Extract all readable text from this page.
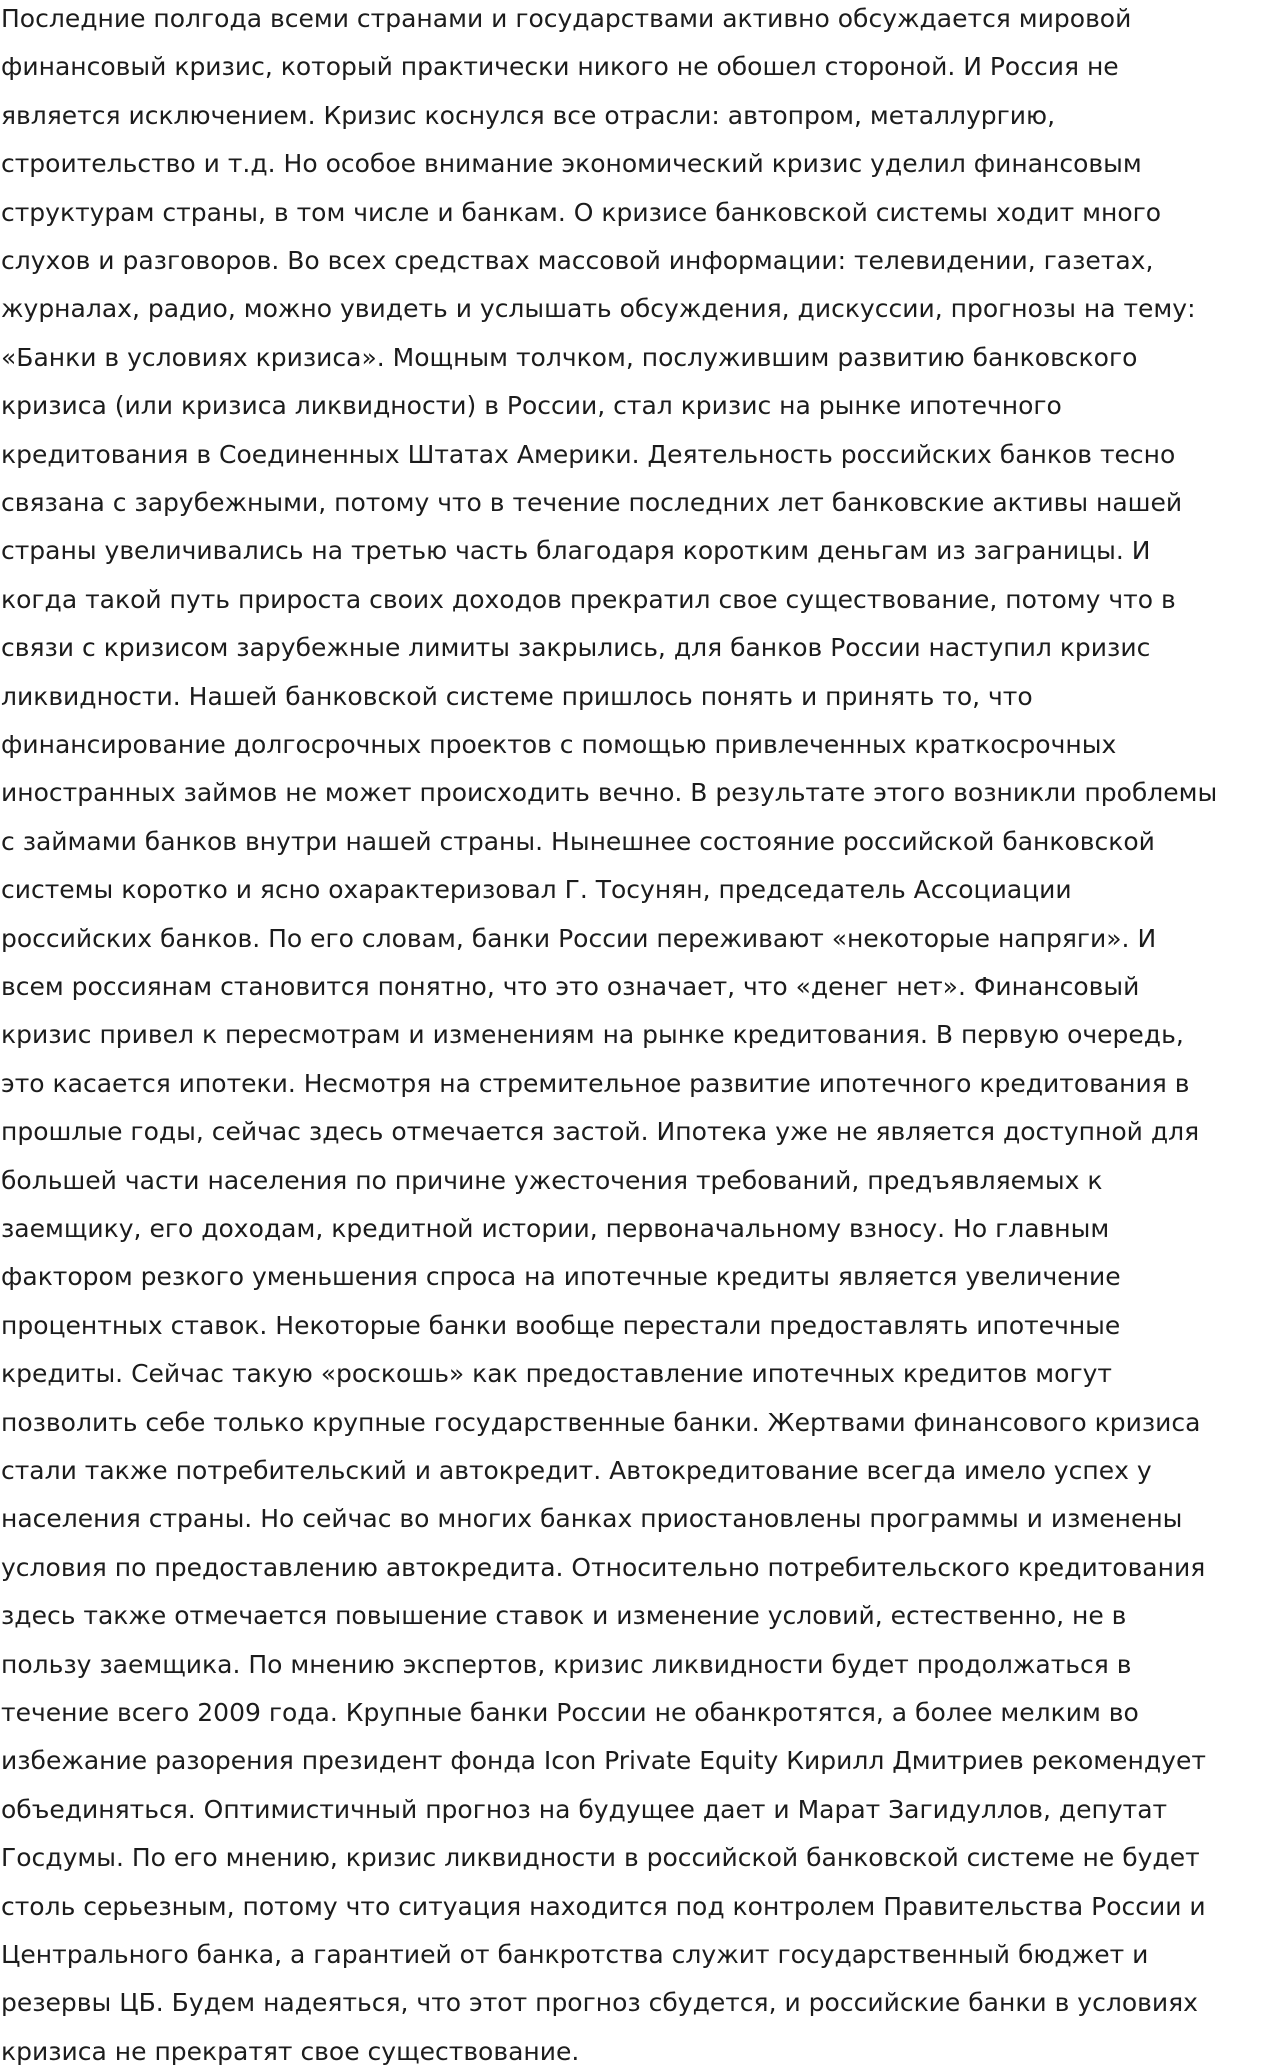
Последние полгода всеми странами и государствами активно обсуждается мировой

финансовый кризис, который практически никого не обошел стороной. И Россия не

является исключением. Кризис коснулся все отрасли: автопром, металлургию,

строительство и т.д. Но особое внимание экономический кризис уделил финансовым

структурам страны, в том числе и банкам. О кризисе банковской системы ходит много

слухов и разговоров. Во всех средствах массовой информации: телевидении, газетах,

журналах, радио, можно увидеть и услышать обсуждения, дискуссии, прогнозы на тему:

«Банки в условиях кризиса». Мощным толчком, послужившим развитию банковского

кризиса (или кризиса ликвидности) в России, стал кризис на рынке ипотечного

кредитования в Соединенных Штатах Америки. Деятельность российских банков тесно

связана с зарубежными, потому что в течение последних лет банковские активы нашей

страны увеличивались на третью часть благодаря коротким деньгам из заграницы. И

когда такой путь прироста своих доходов прекратил свое существование, потому что в

связи с кризисом зарубежные лимиты закрылись, для банков России наступил кризис

ликвидности. Нашей банковской системе пришлось понять и принять то, что

финансирование долгосрочных проектов с помощью привлеченных краткосрочных

иностранных займов не может происходить вечно. В результате этого возникли проблемы

с займами банков внутри нашей страны. Нынешнее состояние российской банковской

системы коротко и ясно охарактеризовал Г. Тосунян, председатель Ассоциации

российских банков. По его словам, банки России переживают «некоторые напряги». И

всем россиянам становится понятно, что это означает, что «денег нет». Финансовый

кризис привел к пересмотрам и изменениям на рынке кредитования. В первую очередь,

это касается ипотеки. Несмотря на стремительное развитие ипотечного кредитования в

прошлые годы, сейчас здесь отмечается застой. Ипотека уже не является доступной для

большей части населения по причине ужесточения требований, предъявляемых к

заемщику, его доходам, кредитной истории, первоначальному взносу. Но главным

фактором резкого уменьшения спроса на ипотечные кредиты является увеличение

процентных ставок. Некоторые банки вообще перестали предоставлять ипотечные

кредиты. Сейчас такую «роскошь» как предоставление ипотечных кредитов могут

позволить себе только крупные государственные банки. Жертвами финансового кризиса

стали также потребительский и автокредит. Автокредитование всегда имело успех у

населения страны. Но сейчас во многих банках приостановлены программы и изменены

условия по предоставлению автокредита. Относительно потребительского кредитования

здесь также отмечается повышение ставок и изменение условий, естественно, не в

пользу заемщика. По мнению экспертов, кризис ликвидности будет продолжаться в

течение всего 2009 года. Крупные банки России не обанкротятся, а более мелким во

избежание разорения президент фонда Icon Private Equity Кирилл Дмитриев рекомендует

объединяться. Оптимистичный прогноз на будущее дает и Марат Загидуллов, депутат

Госдумы. По его мнению, кризис ликвидности в российской банковской системе не будет

столь серьезным, потому что ситуация находится под контролем Правительства России и

Центрального банка, а гарантией от банкротства служит государственный бюджет и

резервы ЦБ. Будем надеяться, что этот прогноз сбудется, и российские банки в условиях

кризиса не прекратят свое существование.
